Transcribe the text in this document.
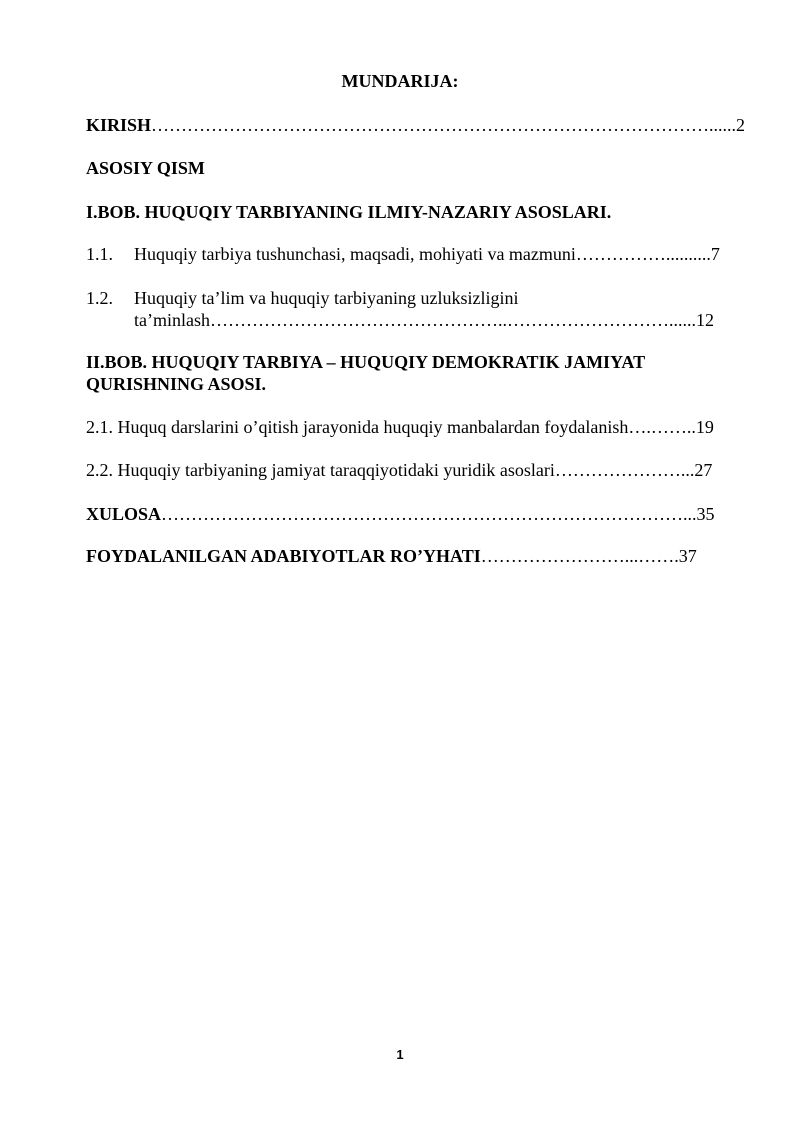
MUNDARIJA:
KIRISH…………………………………………………………………………………......2
ASOSIY QISM
I.BOB. HUQUQIY TARBIYANING ILMIY-NAZARIY ASOSLARI.
1.1. Huquqiy tarbiya tushunchasi, maqsadi, mohiyati va mazmuni……………..........7
1.2. Huquqiy ta’lim va huquqiy tarbiyaning uzluksizligini
ta’minlash…………………………………………..………………………......12
II.BOB. HUQUQIY TARBIYA – HUQUQIY DEMOKRATIK JAMIYAT
QURISHNING ASOSI.
2.1. Huquq darslarini o’qitish jarayonida huquqiy manbalardan foydalanish….……..19
2.2. Huquqiy tarbiyaning jamiyat taraqqiyotidaki yuridik asoslari…………………...27
XULOSA……………………………………………………………………………...35
FOYDALANILGAN ADABIYOTLAR RO’YHATI……………………...…….37
1
